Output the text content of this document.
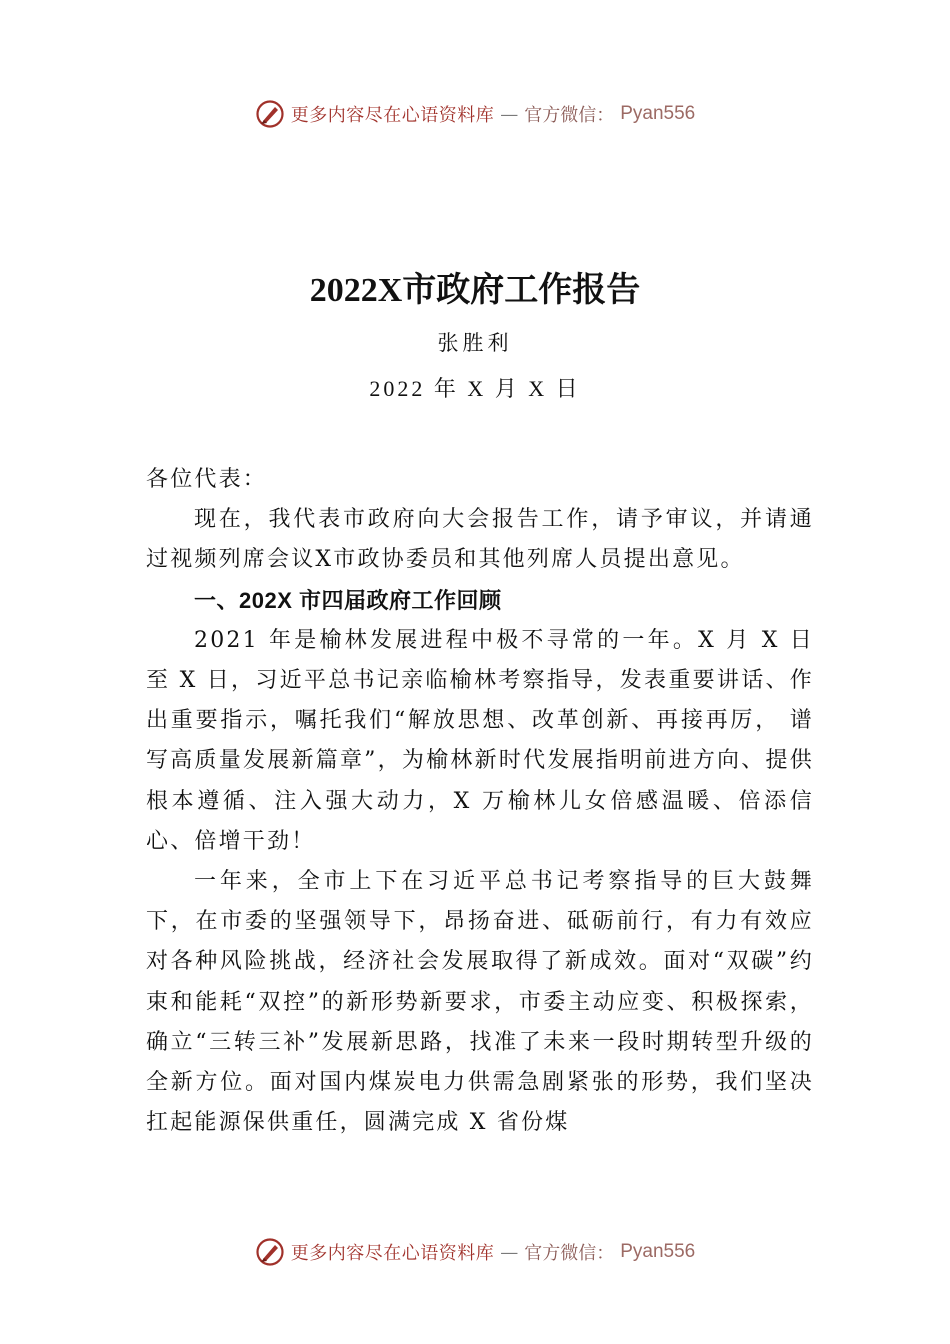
更多内容尽在心语资料库 — 官方微信： Pyan556
2022X市政府工作报告
张胜利
2022 年 X 月 X 日

各位代表：

现在，我代表市政府向大会报告工作，请予审议，并请通过视频列席会议X市政协委员和其他列席人员提出意见。

一、202X 市四届政府工作回顾

2021 年是榆林发展进程中极不寻常的一年。X 月 X 日至 X 日，习近平总书记亲临榆林考察指导，发表重要讲话、作出重要指示，嘱托我们“解放思想、改革创新、再接再厉， 谱写高质量发展新篇章”，为榆林新时代发展指明前进方向、提供根本遵循、注入强大动力，X 万榆林儿女倍感温暖、倍添信心、倍增干劲！

一年来，全市上下在习近平总书记考察指导的巨大鼓舞下，在市委的坚强领导下，昂扬奋进、砥砺前行，有力有效应对各种风险挑战，经济社会发展取得了新成效。面对“双碳”约束和能耗“双控”的新形势新要求，市委主动应变、积极探索，确立“三转三补”发展新思路，找准了未来一段时期转型升级的全新方位。面对国内煤炭电力供需急剧紧张的形势，我们坚决扛起能源保供重任，圆满完成 X 省份煤

更多内容尽在心语资料库 — 官方微信： Pyan556
